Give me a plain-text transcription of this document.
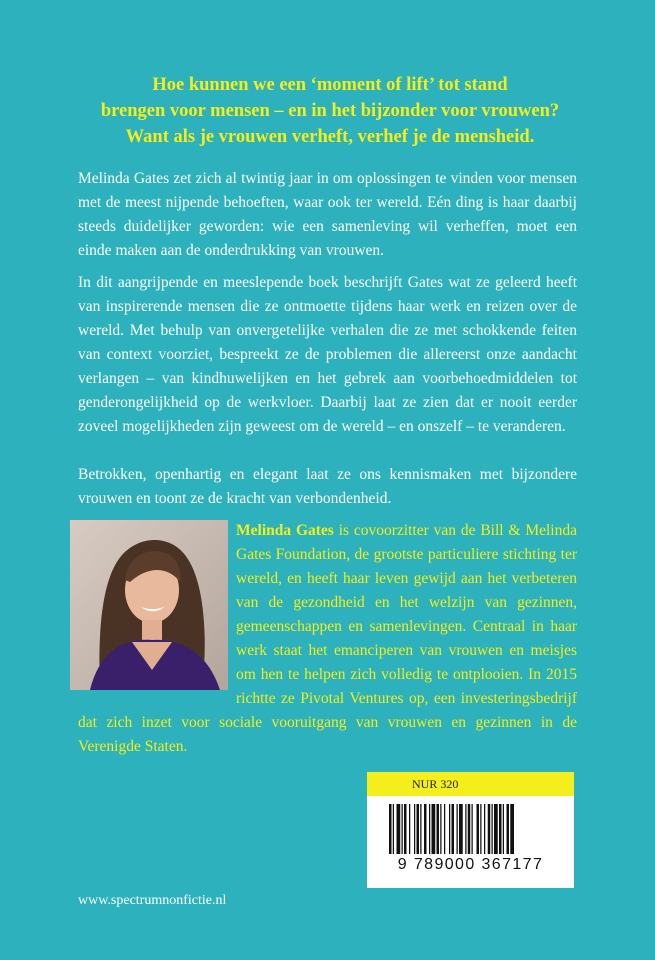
Hoe kunnen we een ‘moment of lift’ tot stand
brengen voor mensen – en in het bijzonder voor vrouwen?
Want als je vrouwen verheft, verhef je de mensheid.

Melinda Gates zet zich al twintig jaar in om oplossingen te vinden voor mensen met de meest nijpende behoeften, waar ook ter wereld. Eén ding is haar daarbij steeds duidelijker geworden: wie een samenleving wil verheffen, moet een einde maken aan de onderdrukking van vrouwen.

In dit aangrijpende en meeslepende boek beschrijft Gates wat ze geleerd heeft van inspirerende mensen die ze ontmoette tijdens haar werk en reizen over de wereld. Met behulp van onvergetelijke verhalen die ze met schokkende feiten van context voorziet, bespreekt ze de problemen die allereerst onze aandacht verlangen – van kindhuwelijken en het gebrek aan voorbehoedmiddelen tot genderongelijkheid op de werkvloer. Daarbij laat ze zien dat er nooit eerder zoveel mogelijkheden zijn geweest om de wereld – en onszelf – te veranderen.

Betrokken, openhartig en elegant laat ze ons kennismaken met bijzondere vrouwen en toont ze de kracht van verbondenheid.

Melinda Gates is covoorzitter van de Bill & Melinda Gates Foundation, de grootste particuliere stichting ter wereld, en heeft haar leven gewijd aan het verbeteren van de gezondheid en het welzijn van gezinnen, gemeenschappen en samenlevingen. Centraal in haar werk staat het emanciperen van vrouwen en meisjes om hen te helpen zich volledig te ontplooien. In 2015 richtte ze Pivotal Ventures op, een investeringsbedrijf dat zich inzet voor sociale vooruitgang van vrouwen en gezinnen in de Verenigde Staten.

NUR 320
9 789000 367177
www.spectrumnonfictie.nl
